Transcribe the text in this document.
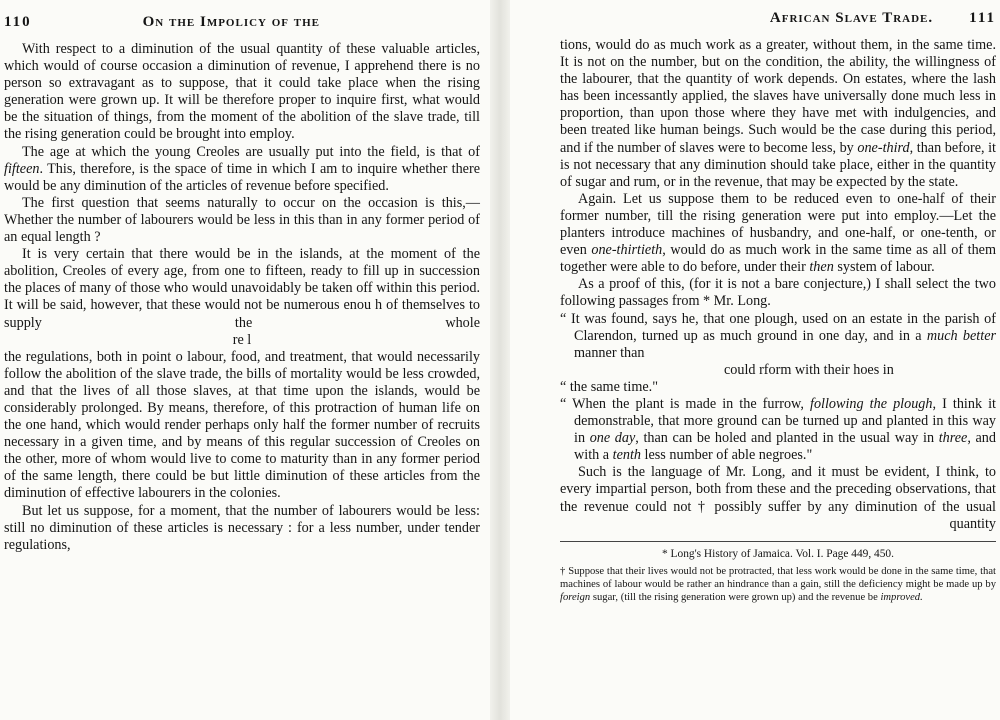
110	On the Impolicy of the

With respect to a diminution of the usual quantity of these valuable articles, which would of course occasion a diminution of revenue, I apprehend there is no person so extravagant as to suppose, that it could take place when the rising generation were grown up. It will be therefore proper to inquire first, what would be the situation of things, from the moment of the abolition of the slave trade, till the rising generation could be brought into employ.

The age at which the young Creoles are usually put into the field, is that of fifteen. This, therefore, is the space of time in which I am to inquire whether there would be any diminution of the articles of revenue before specified.

The first question that seems naturally to occur on the occasion is this,—Whether the number of labourers would be less in this than in any former period of an equal length ?

It is very certain that there would be in the islands, at the moment of the abolition, Creoles of every age, from one to fifteen, ready to fill up in succession the places of many of those who would unavoidably be taken off within this period. It will be said, however, that these would not be numerous enou h of themselves to supply the whole

re l

the regulations, both in point o labour, food, and treatment, that would necessarily follow the abolition of the slave trade, the bills of mortality would be less crowded, and that the lives of all those slaves, at that time upon the islands, would be considerably prolonged. By means, therefore, of this protraction of human life on the one hand, which would render perhaps only half the former number of recruits necessary in a given time, and by means of this regular succession of Creoles on the other, more of whom would live to come to maturity than in any former period of the same length, there could be but little diminution of these articles from the diminution of effective labourers in the colonies.

But let us suppose, for a moment, that the number of labourers would be less: still no diminution of these articles is necessary : for a less number, under tender regulations,

African Slave Trade. 111

tions, would do as much work as a greater, without them, in the same time. It is not on the number, but on the condition, the ability, the willingness of the labourer, that the quantity of work depends. On estates, where the lash has been incessantly applied, the slaves have universally done much less in proportion, than upon those where they have met with indulgencies, and been treated like human beings. Such would be the case during this period, and if the number of slaves were to become less, by one-third, than before, it is not necessary that any diminution should take place, either in the quantity of sugar and rum, or in the revenue, that may be expected by the state.

Again. Let us suppose them to be reduced even to one-half of their former number, till the rising generation were put into employ.—Let the planters introduce machines of husbandry, and one-half, or one-tenth, or even one-thirtieth, would do as much work in the same time as all of them together were able to do before, under their then system of labour.

As a proof of this, (for it is not a bare conjecture,) I shall select the two following passages from * Mr. Long.

“ It was found, says he, that one plough, used on an estate in the parish of Clarendon, turned up as much ground in one day, and in a much better manner than
could rform with their hoes in

“ the same time."

“ When the plant is made in the furrow, following the plough, I think it demonstrable, that more ground can be turned up and planted in this way in one day, than can be holed and planted in the usual way in three, and with a tenth less number of able negroes."

Such is the language of Mr. Long, and it must be evident, I think, to every impartial person, both from these and the preceding observations, that the revenue could not † possibly suffer by any diminution of the usual

quantity

* Long's History of Jamaica. Vol. I. Page 449, 450.

† Suppose that their lives would not be protracted, that less work would be done in the same time, that machines of labour would be rather an hindrance than a gain, still the deficiency might be made up by foreign sugar, (till the rising generation were grown up) and the revenue be improved.
